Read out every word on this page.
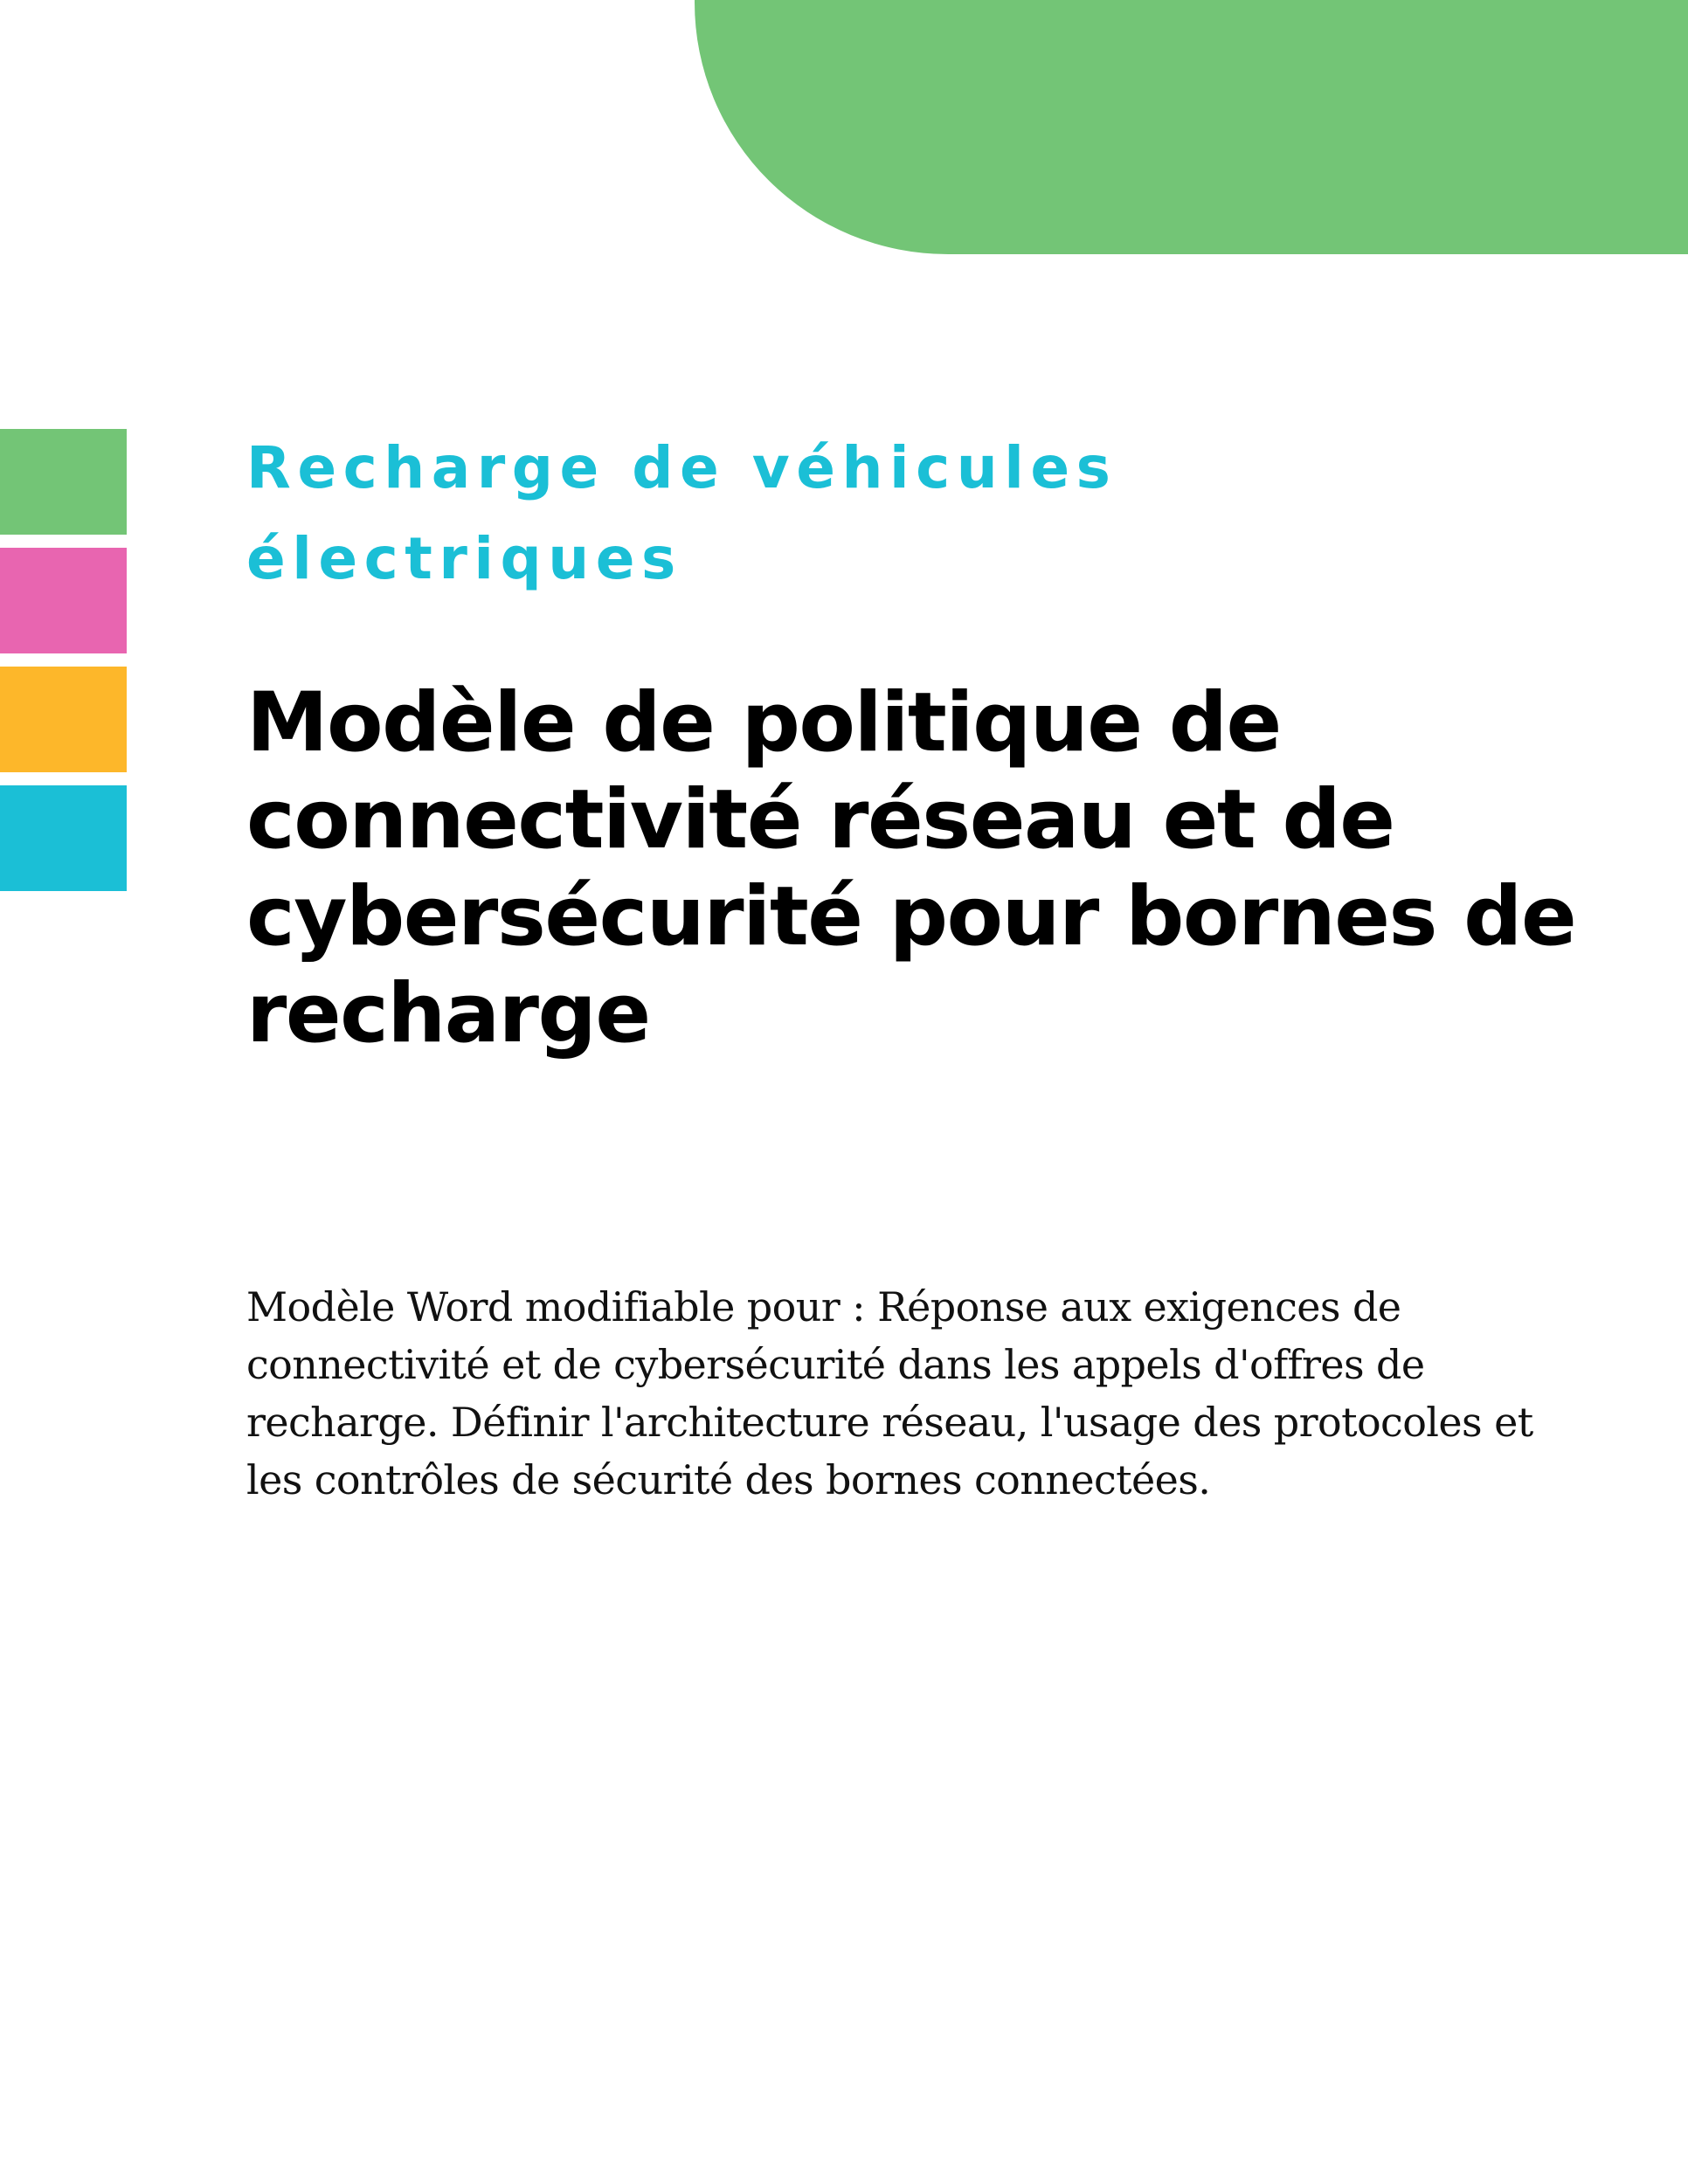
Recharge de véhicules électriques
Modèle de politique de connectivité réseau et de cybersécurité pour bornes de recharge

Modèle Word modifiable pour : Réponse aux exigences de connectivité et de cybersécurité dans les appels d'offres de recharge. Définir l'architecture réseau, l'usage des protocoles et les contrôles de sécurité des bornes connectées.
